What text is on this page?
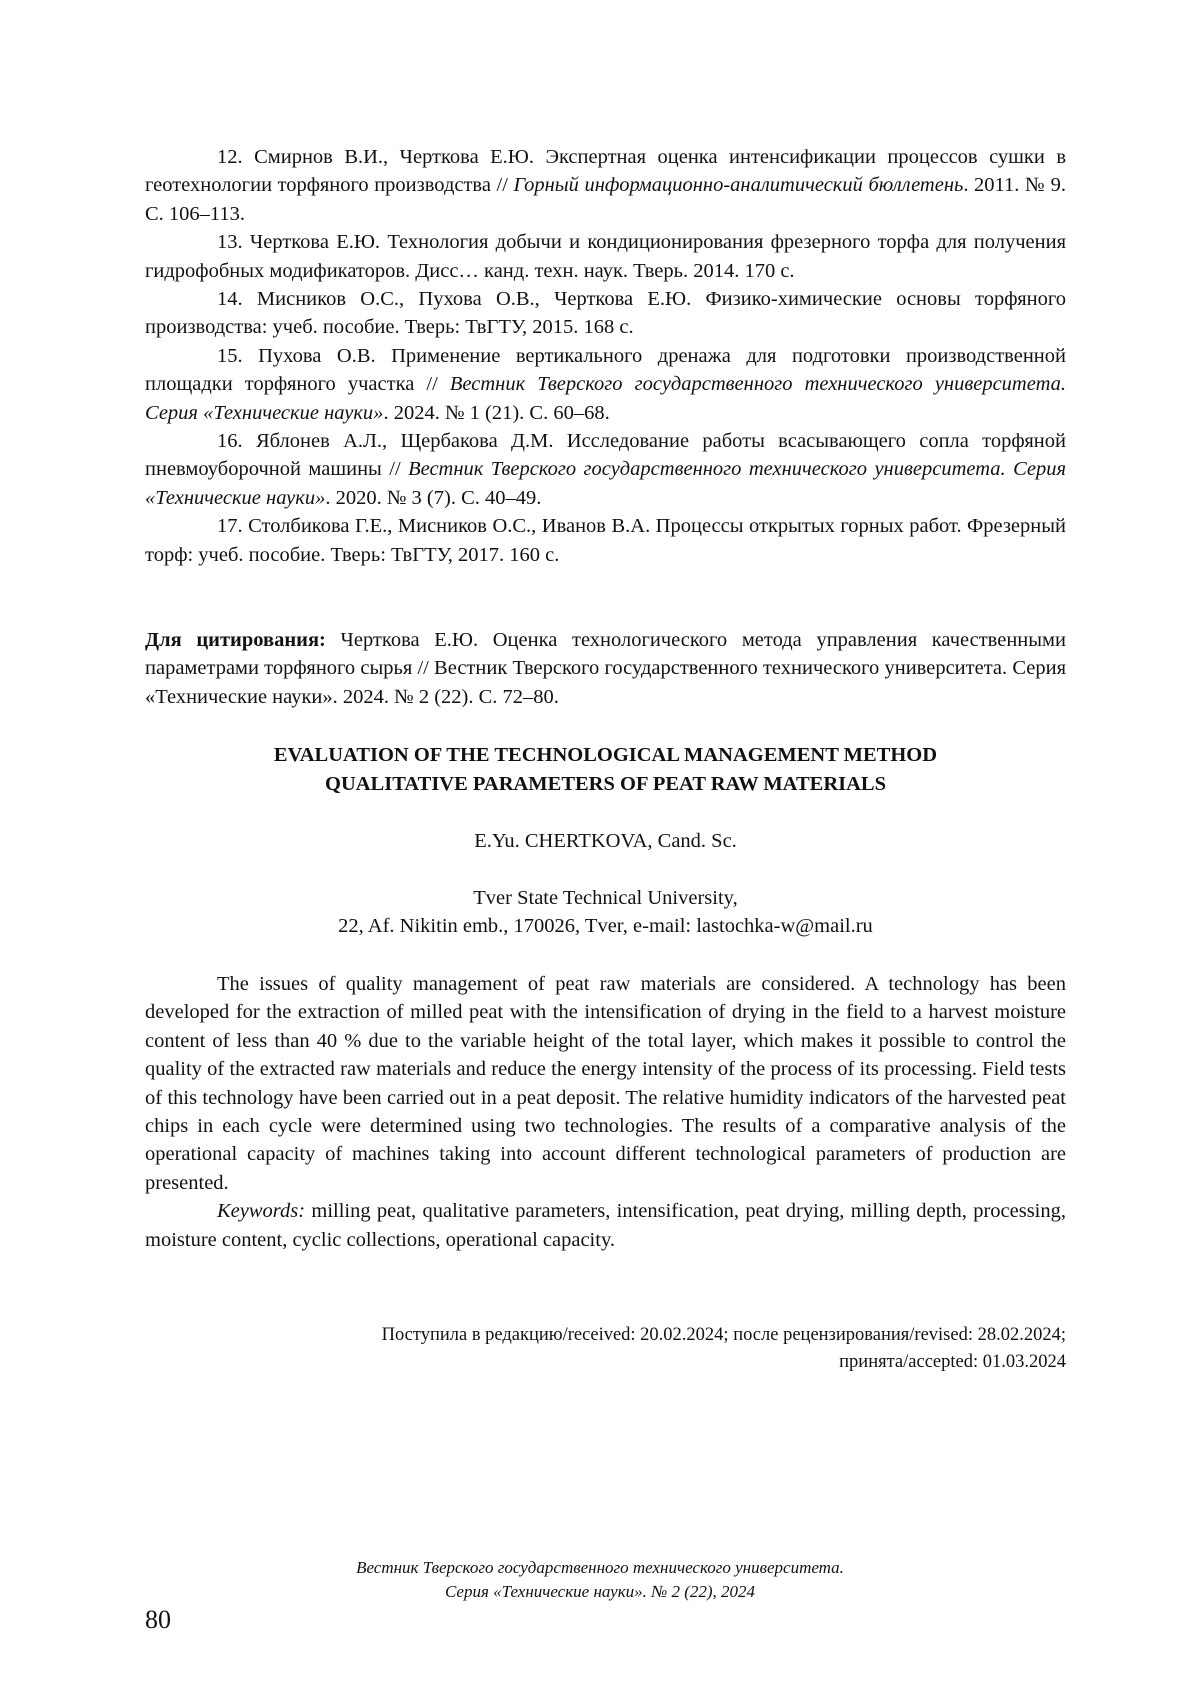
12. Смирнов В.И., Черткова Е.Ю. Экспертная оценка интенсификации процессов сушки в геотехнологии торфяного производства // Горный информационно-аналитический бюллетень. 2011. № 9. С. 106–113.

13. Черткова Е.Ю. Технология добычи и кондиционирования фрезерного торфа для получения гидрофобных модификаторов. Дисс… канд. техн. наук. Тверь. 2014. 170 с.

14. Мисников О.С., Пухова О.В., Черткова Е.Ю. Физико-химические основы торфяного производства: учеб. пособие. Тверь: ТвГТУ, 2015. 168 с.

15. Пухова О.В. Применение вертикального дренажа для подготовки производственной площадки торфяного участка // Вестник Тверского государственного технического университета. Серия «Технические науки». 2024. № 1 (21). С. 60–68.

16. Яблонев А.Л., Щербакова Д.М. Исследование работы всасывающего сопла торфяной пневмоуборочной машины // Вестник Тверского государственного технического университета. Серия «Технические науки». 2020. № 3 (7). С. 40–49.

17. Столбикова Г.Е., Мисников О.С., Иванов В.А. Процессы открытых горных работ. Фрезерный торф: учеб. пособие. Тверь: ТвГТУ, 2017. 160 с.

Для цитирования: Черткова Е.Ю. Оценка технологического метода управления качественными параметрами торфяного сырья // Вестник Тверского государственного технического университета. Серия «Технические науки». 2024. № 2 (22). С. 72–80.
EVALUATION OF THE TECHNOLOGICAL MANAGEMENT METHOD
QUALITATIVE PARAMETERS OF PEAT RAW MATERIALS
E.Yu. CHERTKOVA, Cand. Sc.
Tver State Technical University,
22, Af. Nikitin emb., 170026, Tver, e-mail: lastochka-w@mail.ru

The issues of quality management of peat raw materials are considered. A technology has been developed for the extraction of milled peat with the intensification of drying in the field to a harvest moisture content of less than 40 % due to the variable height of the total layer, which makes it possible to control the quality of the extracted raw materials and reduce the energy intensity of the process of its processing. Field tests of this technology have been carried out in a peat deposit. The relative humidity indicators of the harvested peat chips in each cycle were determined using two technologies. The results of a comparative analysis of the operational capacity of machines taking into account different technological parameters of production are presented.

Keywords: milling peat, qualitative parameters, intensification, peat drying, milling depth, processing, moisture content, cyclic collections, operational capacity.

Поступила в редакцию/received: 20.02.2024; после рецензирования/revised: 28.02.2024;
принята/accepted: 01.03.2024
Вестник Тверского государственного технического университета.
Серия «Технические науки». № 2 (22), 2024
80
